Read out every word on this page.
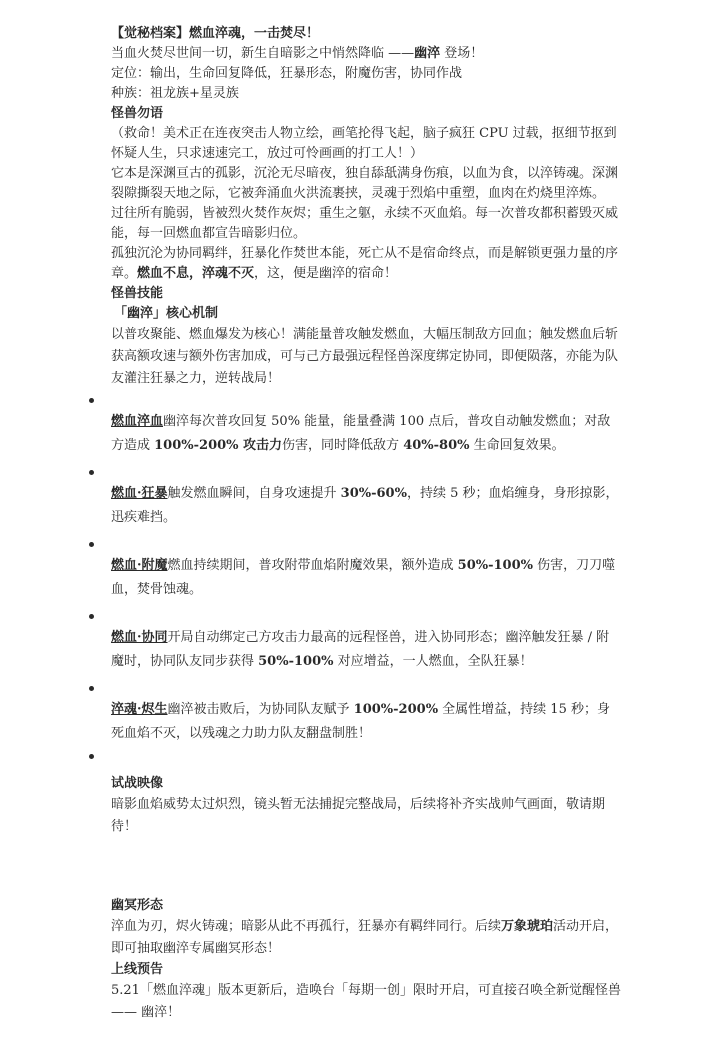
【觉秘档案】燃血淬魂，一击焚尽！
当血火焚尽世间一切，新生自暗影之中悄然降临 ——幽淬 登场！
定位：输出，生命回复降低，狂暴形态，附魔伤害，协同作战
种族：祖龙族+星灵族
怪兽勿语
（救命！美术正在连夜突击人物立绘，画笔抡得飞起，脑子疯狂 CPU 过载，抠细节抠到怀疑人生，只求速速完工，放过可怜画画的打工人！）
它本是深渊亘古的孤影，沉沦无尽暗夜，独自舔舐满身伤痕，以血为食，以淬铸魂。深渊裂隙撕裂天地之际，它被奔涌血火洪流裹挟，灵魂于烈焰中重塑，血肉在灼烧里淬炼。
过往所有脆弱，皆被烈火焚作灰烬；重生之躯，永续不灭血焰。每一次普攻都积蓄毁灭威能，每一回燃血都宣告暗影归位。
孤独沉沦为协同羁绊，狂暴化作焚世本能，死亡从不是宿命终点，而是解锁更强力量的序章。燃血不息，淬魂不灭，这，便是幽淬的宿命！
怪兽技能
「幽淬」核心机制
以普攻聚能、燃血爆发为核心！满能量普攻触发燃血，大幅压制敌方回血；触发燃血后斩获高额攻速与额外伤害加成，可与己方最强远程怪兽深度绑定协同，即便陨落，亦能为队友灌注狂暴之力，逆转战局！
燃血淬血幽淬每次普攻回复 50% 能量，能量叠满 100 点后，普攻自动触发燃血；对敌方造成 100%-200% 攻击力伤害，同时降低敌方 40%-80% 生命回复效果。
燃血·狂暴触发燃血瞬间，自身攻速提升 30%-60%，持续 5 秒；血焰缠身，身形掠影，迅疾难挡。
燃血·附魔燃血持续期间，普攻附带血焰附魔效果，额外造成 50%-100% 伤害，刀刀噬血，焚骨蚀魂。
燃血·协同开局自动绑定己方攻击力最高的远程怪兽，进入协同形态；幽淬触发狂暴 / 附魔时，协同队友同步获得 50%-100% 对应增益，一人燃血，全队狂暴！
淬魂·烬生幽淬被击败后，为协同队友赋予 100%-200% 全属性增益，持续 15 秒；身死血焰不灭，以残魂之力助力队友翻盘制胜！
试战映像
暗影血焰威势太过炽烈，镜头暂无法捕捉完整战局，后续将补齐实战帅气画面，敬请期待！
幽冥形态
淬血为刃，烬火铸魂；暗影从此不再孤行，狂暴亦有羁绊同行。后续万象琥珀活动开启，即可抽取幽淬专属幽冥形态！
上线预告
5.21「燃血淬魂」版本更新后，造唤台「每期一创」限时开启，可直接召唤全新觉醒怪兽 —— 幽淬！
